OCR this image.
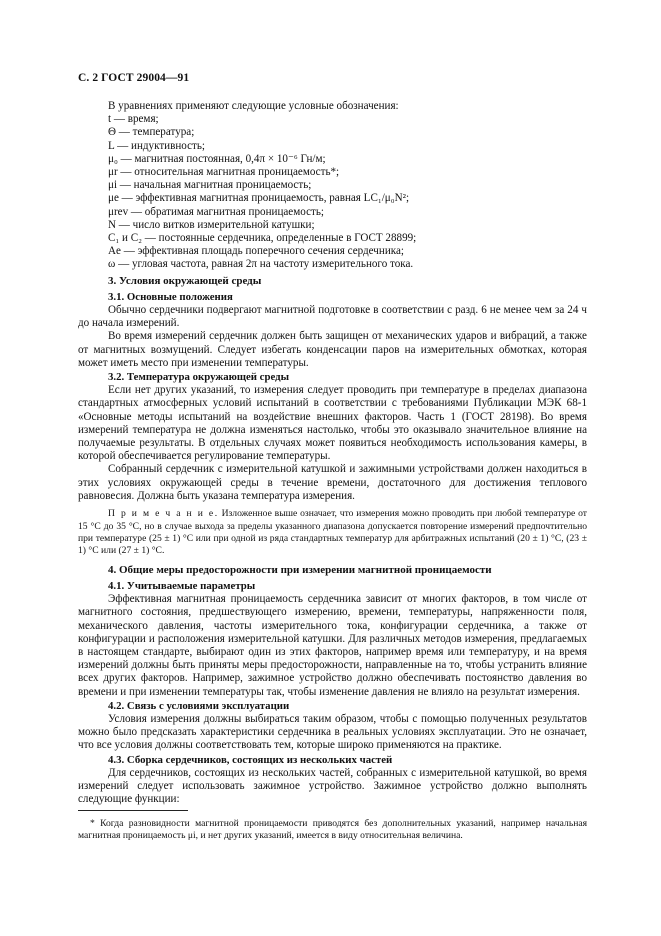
С. 2 ГОСТ 29004—91

В уравнениях применяют следующие условные обозначения:

t — время;

Θ — температура;

L — индуктивность;

μ₀ — магнитная постоянная, 0,4π × 10⁻⁶ Гн/м;

μr — относительная магнитная проницаемость*;

μi — начальная магнитная проницаемость;

μe — эффективная магнитная проницаемость, равная LC₁/μ₀N²;

μrev — обратимая магнитная проницаемость;

N — число витков измерительной катушки;

C₁ и C₂ — постоянные сердечника, определенные в ГОСТ 28899;

Ae — эффективная площадь поперечного сечения сердечника;

ω — угловая частота, равная 2π на частоту измерительного тока.

3. Условия окружающей среды

3.1. Основные положения

Обычно сердечники подвергают магнитной подготовке в соответствии с разд. 6 не менее чем за 24 ч до начала измерений.

Во время измерений сердечник должен быть защищен от механических ударов и вибраций, а также от магнитных возмущений. Следует избегать конденсации паров на измерительных обмотках, которая может иметь место при изменении температуры.

3.2. Температура окружающей среды

Если нет других указаний, то измерения следует проводить при температуре в пределах диапазона стандартных атмосферных условий испытаний в соответствии с требованиями Публикации МЭК 68-1 «Основные методы испытаний на воздействие внешних факторов. Часть 1 (ГОСТ 28198). Во время измерений температура не должна изменяться настолько, чтобы это оказывало значительное влияние на получаемые результаты. В отдельных случаях может появиться необходимость использования камеры, в которой обеспечивается регулирование температуры.

Собранный сердечник с измерительной катушкой и зажимными устройствами должен находиться в этих условиях окружающей среды в течение времени, достаточного для достижения теплового равновесия. Должна быть указана температура измерения.

П р и м е ч а н и е. Изложенное выше означает, что измерения можно проводить при любой температуре от 15 °C до 35 °C, но в случае выхода за пределы указанного диапазона допускается повторение измерений предпочтительно при температуре (25 ± 1) °C или при одной из ряда стандартных температур для арбитражных испытаний (20 ± 1) °C, (23 ± 1) °C или (27 ± 1) °C.

4. Общие меры предосторожности при измерении магнитной проницаемости

4.1. Учитываемые параметры

Эффективная магнитная проницаемость сердечника зависит от многих факторов, в том числе от магнитного состояния, предшествующего измерению, времени, температуры, напряженности поля, механического давления, частоты измерительного тока, конфигурации сердечника, а также от конфигурации и расположения измерительной катушки. Для различных методов измерения, предлагаемых в настоящем стандарте, выбирают один из этих факторов, например время или температуру, и на время измерений должны быть приняты меры предосторожности, направленные на то, чтобы устранить влияние всех других факторов. Например, зажимное устройство должно обеспечивать постоянство давления во времени и при изменении температуры так, чтобы изменение давления не влияло на результат измерения.

4.2. Связь с условиями эксплуатации

Условия измерения должны выбираться таким образом, чтобы с помощью полученных результатов можно было предсказать характеристики сердечника в реальных условиях эксплуатации. Это не означает, что все условия должны соответствовать тем, которые широко применяются на практике.

4.3. Сборка сердечников, состоящих из нескольких частей

Для сердечников, состоящих из нескольких частей, собранных с измерительной катушкой, во время измерений следует использовать зажимное устройство. Зажимное устройство должно выполнять следующие функции:

* Когда разновидности магнитной проницаемости приводятся без дополнительных указаний, например начальная магнитная проницаемость μi, и нет других указаний, имеется в виду относительная величина.
